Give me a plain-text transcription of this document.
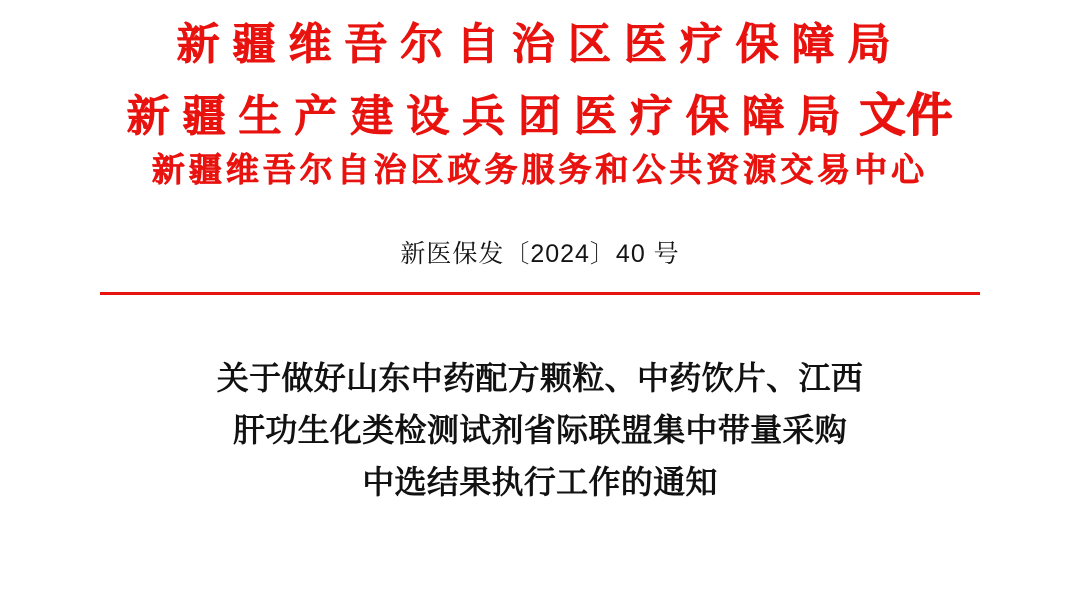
新疆维吾尔自治区医疗保障局
新疆生产建设兵团医疗保障局 文件
新疆维吾尔自治区政务服务和公共资源交易中心
新医保发〔2024〕40 号
关于做好山东中药配方颗粒、中药饮片、江西
肝功生化类检测试剂省际联盟集中带量采购
中选结果执行工作的通知
